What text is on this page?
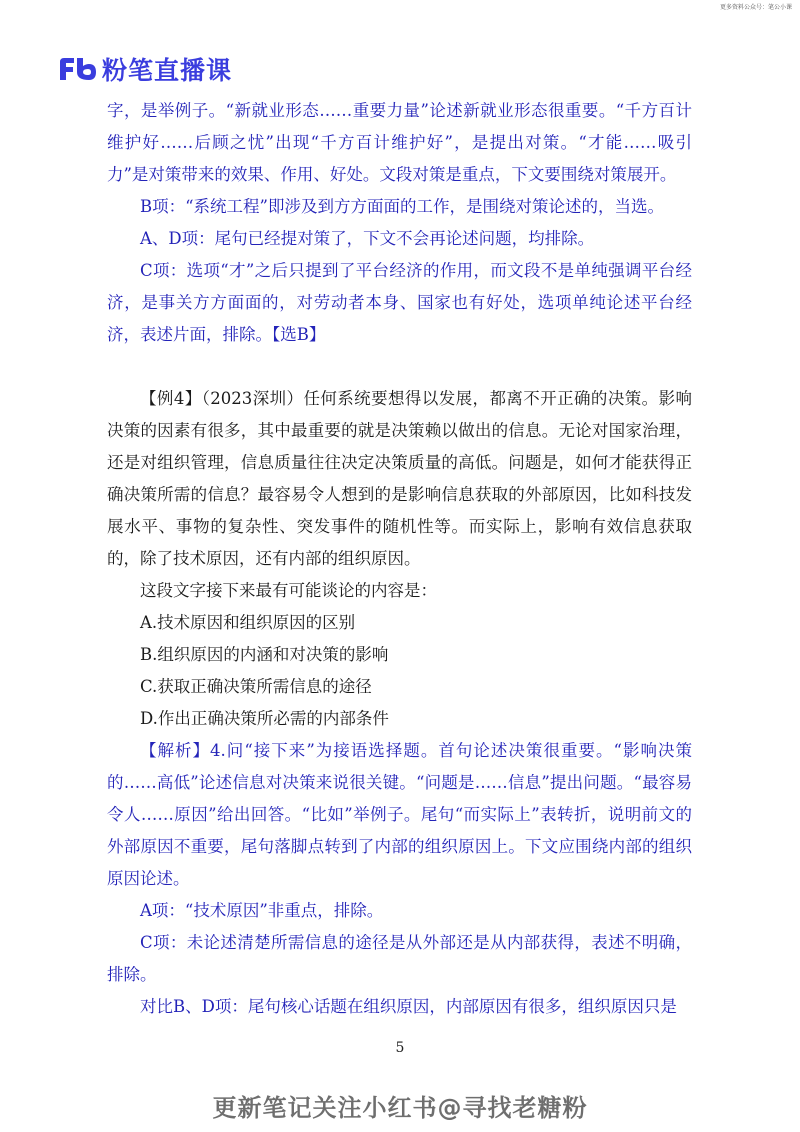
更多资料公众号：笔公小课
粉笔直播课

字，是举例子。“新就业形态……重要力量”论述新就业形态很重要。“千方百计维护好……后顾之忧”出现“千方百计维护好”，是提出对策。“才能……吸引力”是对策带来的效果、作用、好处。文段对策是重点，下文要围绕对策展开。

B项：“系统工程”即涉及到方方面面的工作，是围绕对策论述的，当选。

A、D项：尾句已经提对策了，下文不会再论述问题，均排除。

C项：选项“才”之后只提到了平台经济的作用，而文段不是单纯强调平台经济，是事关方方面面的，对劳动者本身、国家也有好处，选项单纯论述平台经济，表述片面，排除。【选B】

【例4】（2023深圳）任何系统要想得以发展，都离不开正确的决策。影响决策的因素有很多，其中最重要的就是决策赖以做出的信息。无论对国家治理，还是对组织管理，信息质量往往决定决策质量的高低。问题是，如何才能获得正确决策所需的信息？最容易令人想到的是影响信息获取的外部原因，比如科技发展水平、事物的复杂性、突发事件的随机性等。而实际上，影响有效信息获取的，除了技术原因，还有内部的组织原因。

这段文字接下来最有可能谈论的内容是：

A.技术原因和组织原因的区别

B.组织原因的内涵和对决策的影响

C.获取正确决策所需信息的途径

D.作出正确决策所必需的内部条件

【解析】4.问“接下来”为接语选择题。首句论述决策很重要。“影响决策的……高低”论述信息对决策来说很关键。“问题是……信息”提出问题。“最容易令人……原因”给出回答。“比如”举例子。尾句“而实际上”表转折，说明前文的外部原因不重要，尾句落脚点转到了内部的组织原因上。下文应围绕内部的组织原因论述。

A项：“技术原因”非重点，排除。

C项：未论述清楚所需信息的途径是从外部还是从内部获得，表述不明确，排除。

对比B、D项：尾句核心话题在组织原因，内部原因有很多，组织原因只是

5
更新笔记关注小红书@寻找老糖粉
